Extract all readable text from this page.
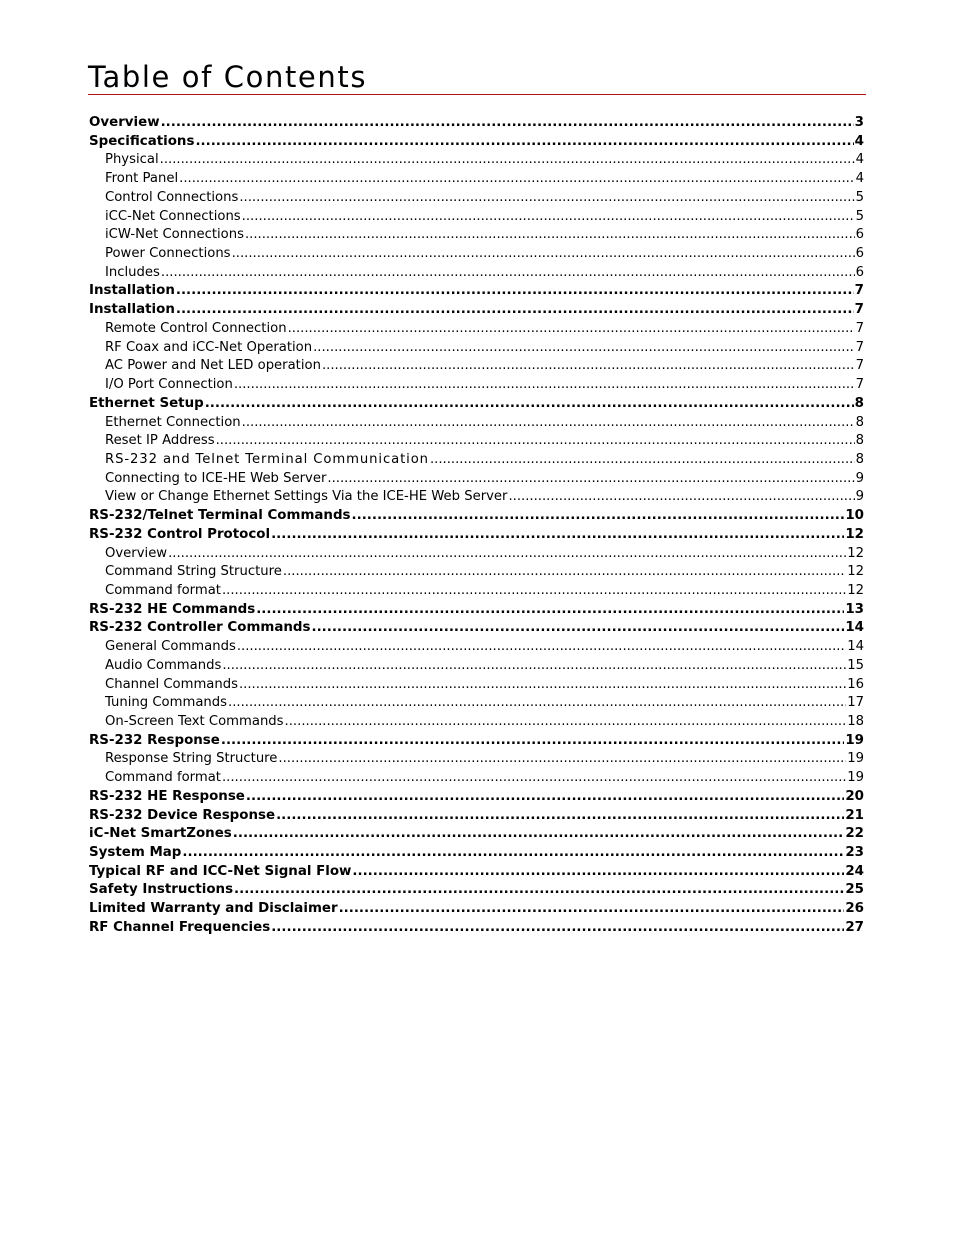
Table of Contents
Overview .....	3
Specifications .....	4
Physical .....	4
Front Panel .....	4
Control Connections .....	5
iCC-Net Connections .....	5
iCW-Net Connections .....	6
Power Connections .....	6
Includes .....	6
Installation .....	7
Installation .....	7
Remote Control Connection .....	7
RF Coax and iCC-Net Operation .....	7
AC Power and Net LED operation .....	7
I/O Port Connection .....	7
Ethernet Setup .....	8
Ethernet Connection .....	8
Reset IP Address .....	8
RS-232 and Telnet Terminal Communication .....	8
Connecting to ICE-HE Web Server .....	9
View or Change Ethernet Settings Via the ICE-HE Web Server .....	9
RS-232/Telnet Terminal Commands .....	10
RS-232 Control Protocol .....	12
Overview .....	12
Command String Structure .....	12
Command format .....	12
RS-232 HE Commands .....	13
RS-232 Controller Commands .....	14
General Commands .....	14
Audio Commands .....	15
Channel Commands .....	16
Tuning Commands .....	17
On-Screen Text Commands .....	18
RS-232 Response .....	19
Response String Structure .....	19
Command format .....	19
RS-232 HE Response .....	20
RS-232 Device Response .....	21
iC-Net SmartZones .....	22
System Map .....	23
Typical RF and ICC-Net Signal Flow .....	24
Safety Instructions .....	25
Limited Warranty and Disclaimer .....	26
RF Channel Frequencies .....	27
